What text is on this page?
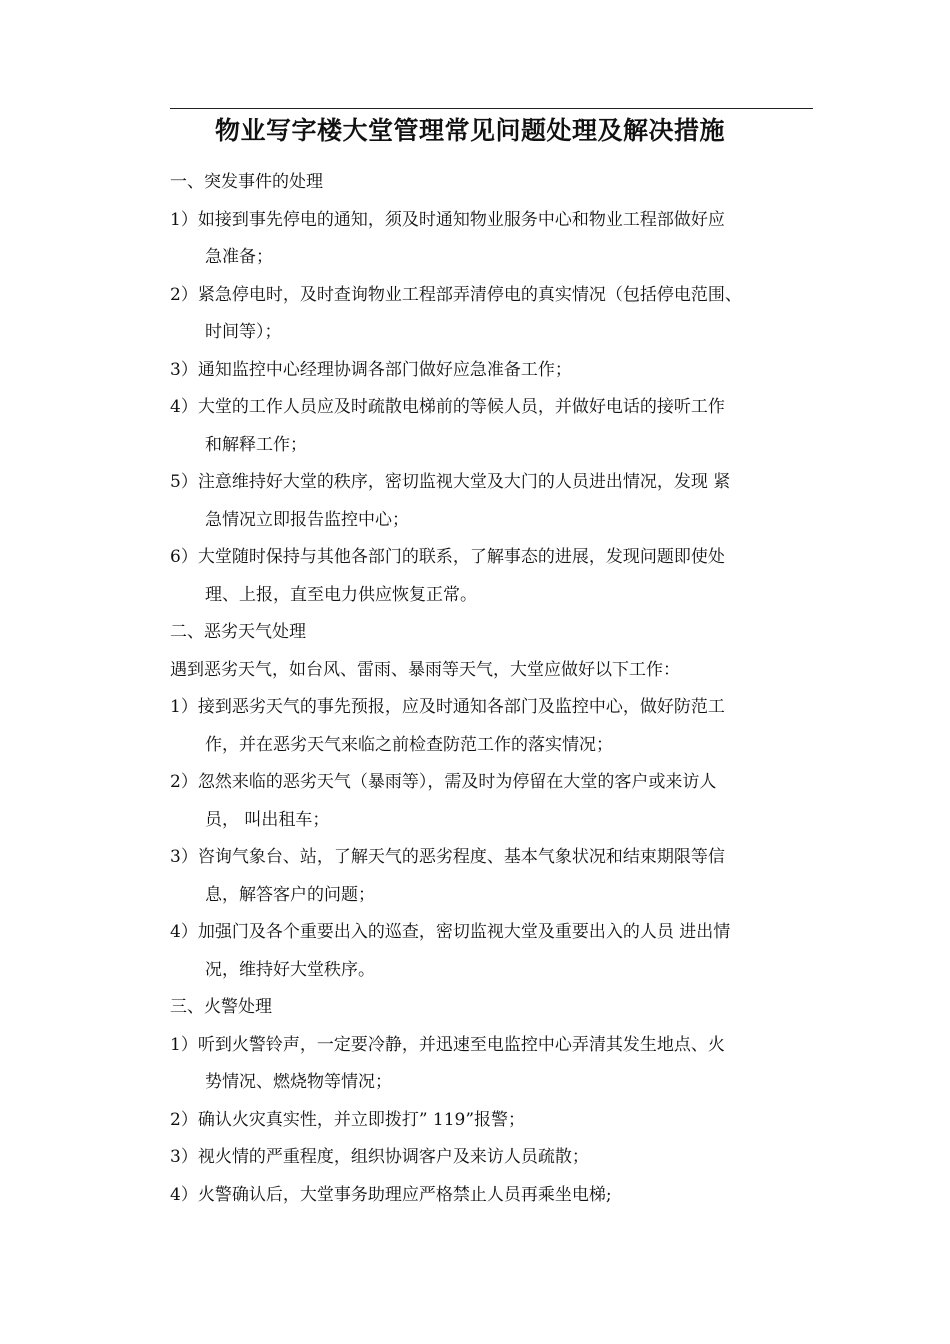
物业写字楼大堂管理常见问题处理及解决措施
一、突发事件的处理
1）如接到事先停电的通知，须及时通知物业服务中心和物业工程部做好应
急准备；
2）紧急停电时，及时查询物业工程部弄清停电的真实情况（包括停电范围、
时间等）；
3）通知监控中心经理协调各部门做好应急准备工作；
4）大堂的工作人员应及时疏散电梯前的等候人员，并做好电话的接听工作
和解释工作；
5）注意维持好大堂的秩序，密切监视大堂及大门的人员进出情况，发现 紧
急情况立即报告监控中心；
6）大堂随时保持与其他各部门的联系，了解事态的进展，发现问题即使处
理、上报，直至电力供应恢复正常。
二、恶劣天气处理
遇到恶劣天气，如台风、雷雨、暴雨等天气，大堂应做好以下工作：
1）接到恶劣天气的事先预报，应及时通知各部门及监控中心，做好防范工
作，并在恶劣天气来临之前检查防范工作的落实情况；
2）忽然来临的恶劣天气（暴雨等），需及时为停留在大堂的客户或来访人
员， 叫出租车；
3）咨询气象台、站，了解天气的恶劣程度、基本气象状况和结束期限等信
息，解答客户的问题；
4）加强门及各个重要出入的巡查，密切监视大堂及重要出入的人员 进出情
况，维持好大堂秩序。
三、火警处理
1）听到火警铃声，一定要冷静，并迅速至电监控中心弄清其发生地点、火
势情况、燃烧物等情况；
2）确认火灾真实性，并立即拨打” 119”报警；
3）视火情的严重程度，组织协调客户及来访人员疏散；
4）火警确认后，大堂事务助理应严格禁止人员再乘坐电梯;
